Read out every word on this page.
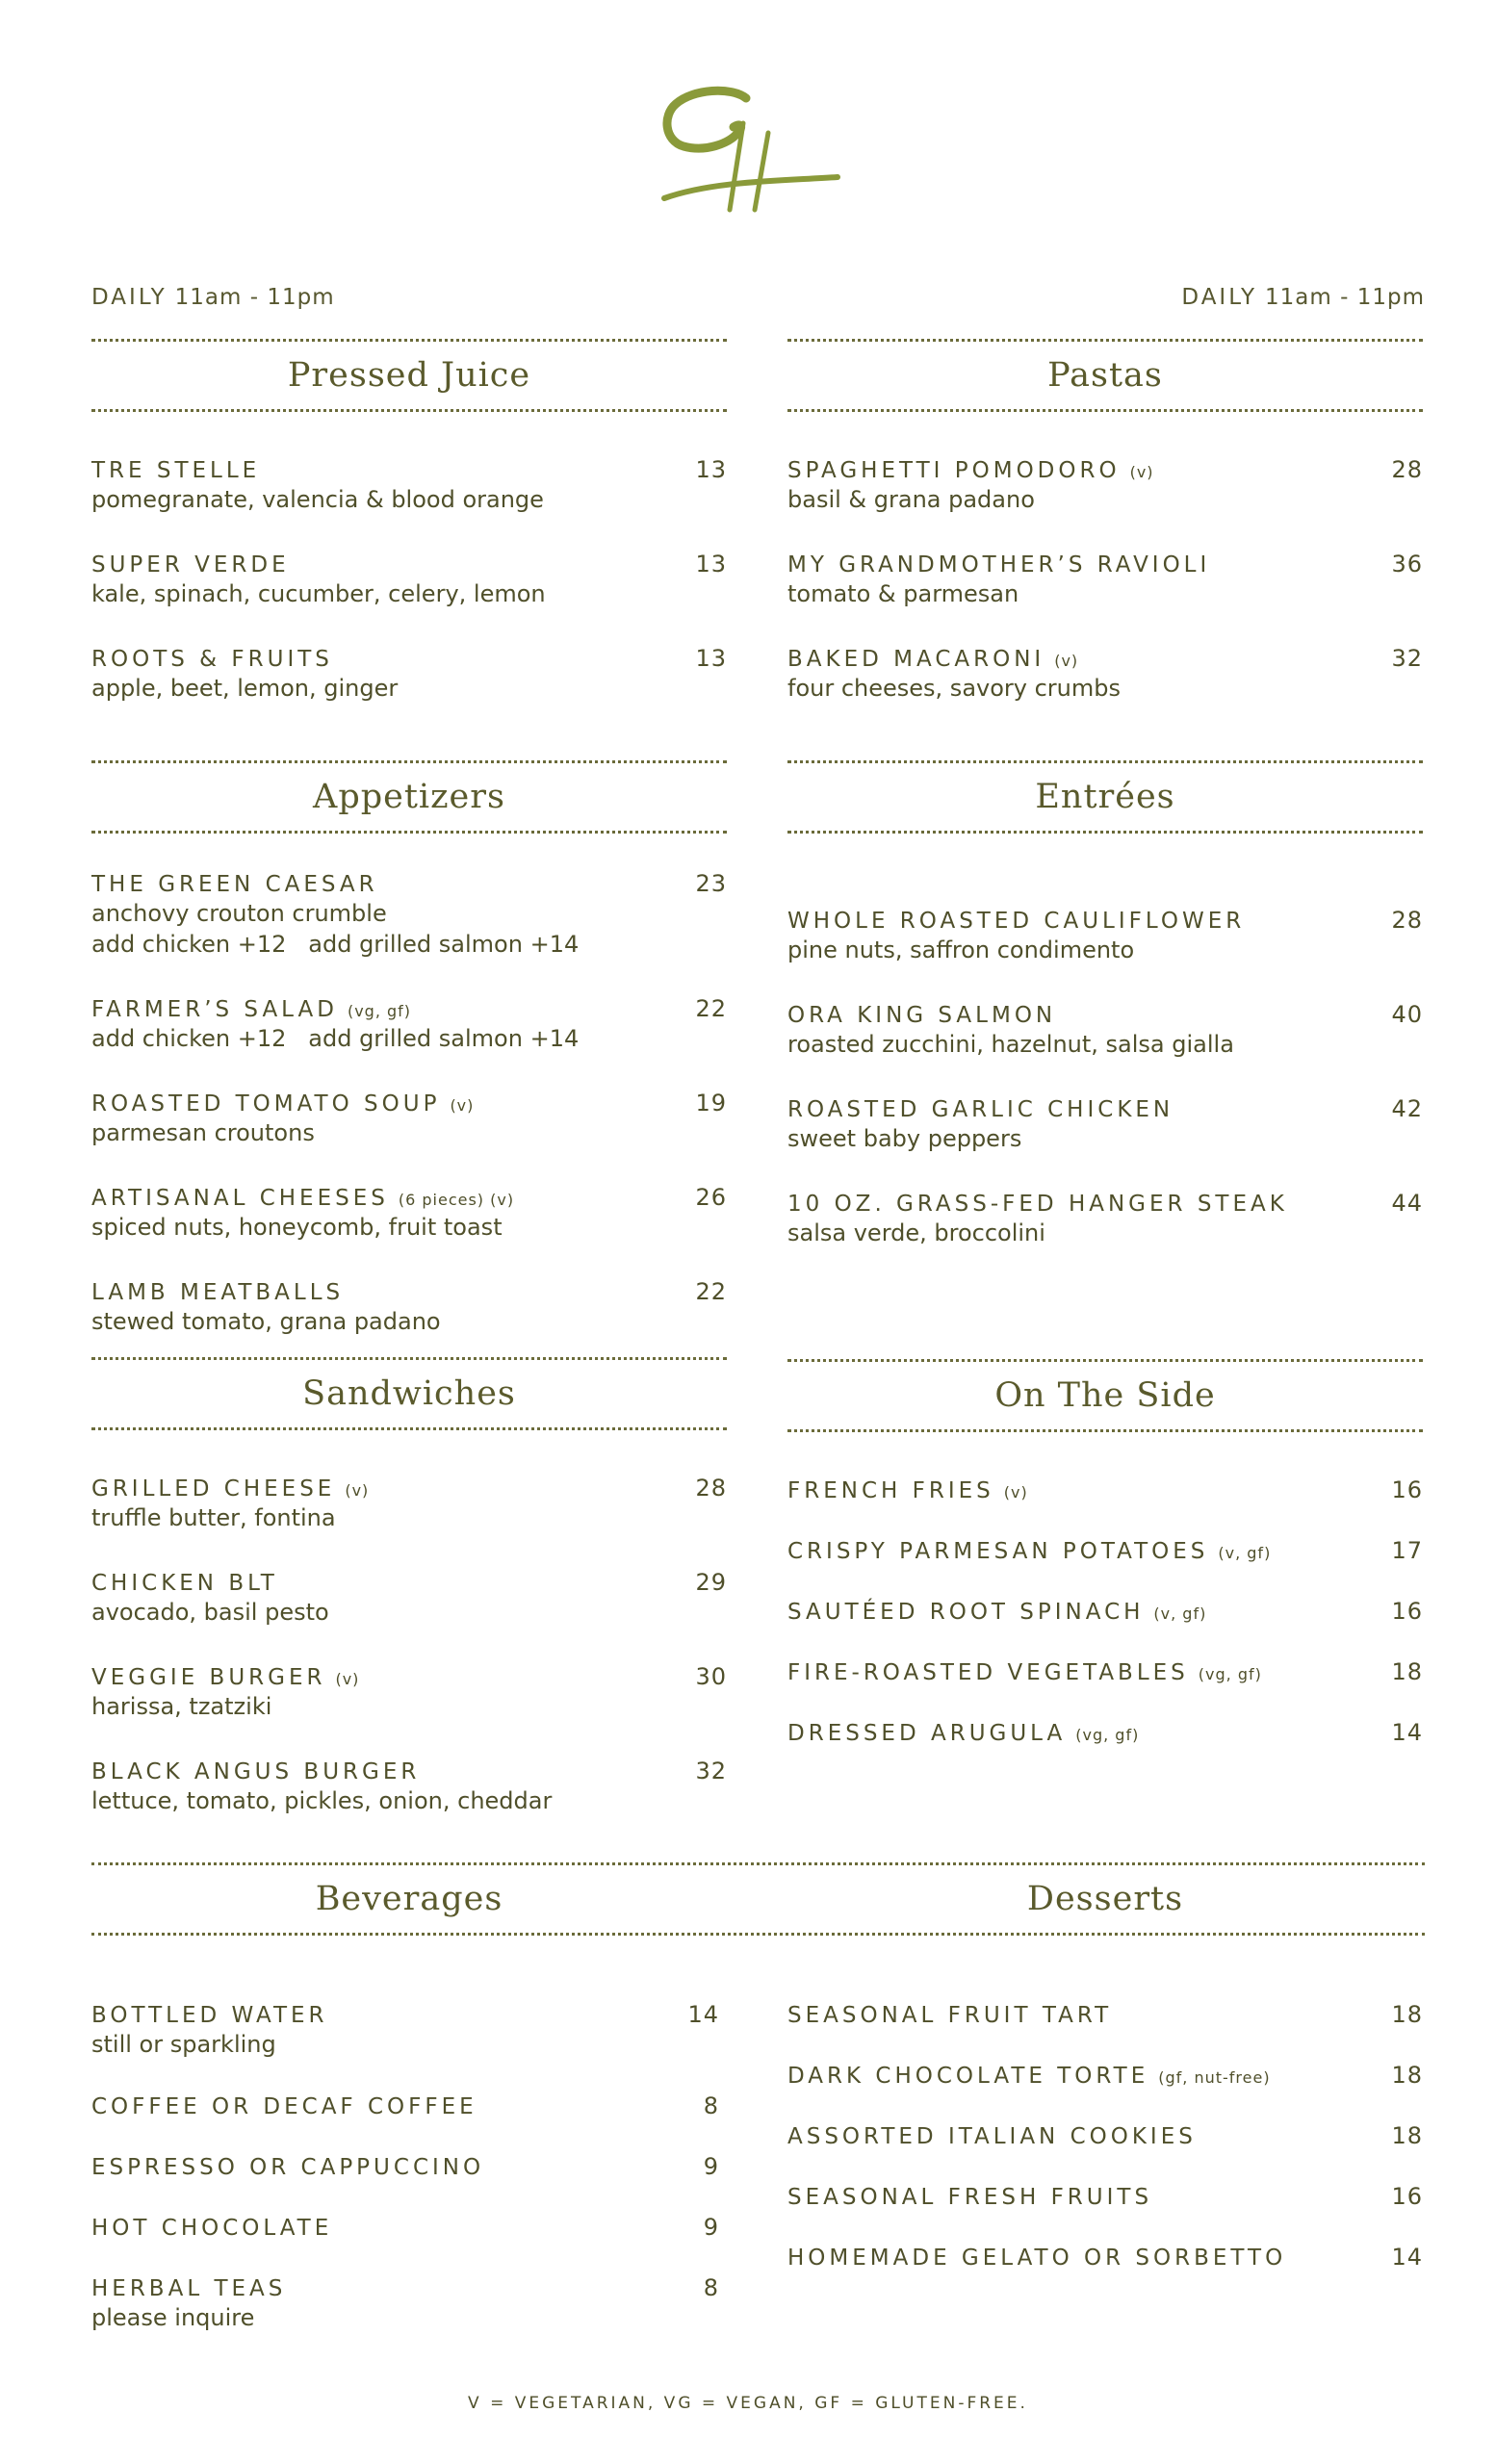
DAILY 11am - 11pm	DAILY 11am - 11pm
Pressed Juice
TRE STELLE	13
pomegranate, valencia & blood orange
SUPER VERDE	13
kale, spinach, cucumber, celery, lemon
ROOTS & FRUITS	13
apple, beet, lemon, ginger
Pastas
SPAGHETTI POMODORO (v)	28
basil & grana padano
MY GRANDMOTHER’S RAVIOLI	36
tomato & parmesan
BAKED MACARONI (v)	32
four cheeses, savory crumbs
Appetizers
THE GREEN CAESAR	23
anchovy crouton crumble
add chicken +12   add grilled salmon +14
FARMER’S SALAD (vg, gf)	22
add chicken +12   add grilled salmon +14
ROASTED TOMATO SOUP (v)	19
parmesan croutons
ARTISANAL CHEESES (6 pieces) (v)	26
spiced nuts, honeycomb, fruit toast
LAMB MEATBALLS	22
stewed tomato, grana padano
Entrées
WHOLE ROASTED CAULIFLOWER	28
pine nuts, saffron condimento
ORA KING SALMON	40
roasted zucchini, hazelnut, salsa gialla
ROASTED GARLIC CHICKEN	42
sweet baby peppers
10 OZ. GRASS-FED HANGER STEAK	44
salsa verde, broccolini
Sandwiches
GRILLED CHEESE (v)	28
truffle butter, fontina
CHICKEN BLT	29
avocado, basil pesto
VEGGIE BURGER (v)	30
harissa, tzatziki
BLACK ANGUS BURGER	32
lettuce, tomato, pickles, onion, cheddar
On The Side
FRENCH FRIES (v)	16
CRISPY PARMESAN POTATOES (v, gf)	17
SAUTÉED ROOT SPINACH (v, gf)	16
FIRE-ROASTED VEGETABLES (vg, gf)	18
DRESSED ARUGULA (vg, gf)	14
Beverages	Desserts
BOTTLED WATER	14
still or sparkling
COFFEE OR DECAF COFFEE	8
ESPRESSO OR CAPPUCCINO	9
HOT CHOCOLATE	9
HERBAL TEAS	8
please inquire
SEASONAL FRUIT TART	18
DARK CHOCOLATE TORTE (gf, nut-free)	18
ASSORTED ITALIAN COOKIES	18
SEASONAL FRESH FRUITS	16
HOMEMADE GELATO OR SORBETTO	14
V = VEGETARIAN, VG = VEGAN, GF = GLUTEN-FREE.
